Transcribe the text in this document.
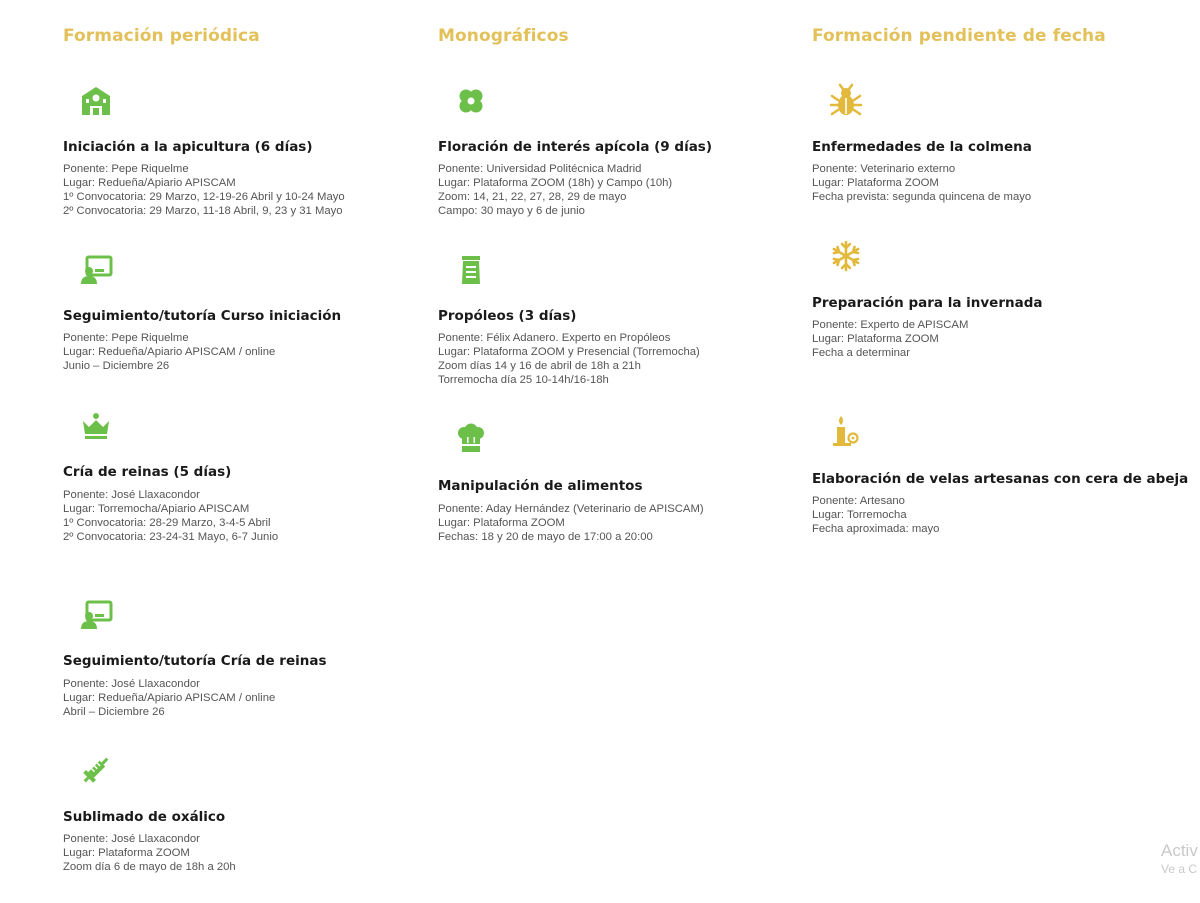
Formación periódica	Monográficos	Formación pendiente de fecha
Iniciación a la apicultura (6 días)
Ponente: Pepe Riquelme
Lugar: Redueña/Apiario APISCAM
1º Convocatoria: 29 Marzo, 12-19-26 Abril y 10-24 Mayo
2º Convocatoria: 29 Marzo, 11-18 Abril, 9, 23 y 31 Mayo
Seguimiento/tutoría Curso iniciación
Ponente: Pepe Riquelme
Lugar: Redueña/Apiario APISCAM / online
Junio – Diciembre 26
Cría de reinas (5 días)
Ponente: José Llaxacondor
Lugar: Torremocha/Apiario APISCAM
1º Convocatoria: 28-29 Marzo, 3-4-5 Abril
2º Convocatoria: 23-24-31 Mayo, 6-7 Junio
Seguimiento/tutoría Cría de reinas
Ponente: José Llaxacondor
Lugar: Redueña/Apiario APISCAM / online
Abril – Diciembre 26
Sublimado de oxálico
Ponente: José Llaxacondor
Lugar: Plataforma ZOOM
Zoom día 6 de mayo de 18h a 20h
Floración de interés apícola (9 días)
Ponente: Universidad Politécnica Madrid
Lugar: Plataforma ZOOM (18h) y Campo (10h)
Zoom: 14, 21, 22, 27, 28, 29 de mayo
Campo: 30 mayo y 6 de junio
Propóleos (3 días)
Ponente: Félix Adanero. Experto en Propóleos
Lugar: Plataforma ZOOM y Presencial (Torremocha)
Zoom días 14 y 16 de abril de 18h a 21h
Torremocha día 25 10-14h/16-18h
Manipulación de alimentos
Ponente: Aday Hernández (Veterinario de APISCAM)
Lugar: Plataforma ZOOM
Fechas: 18 y 20 de mayo de 17:00 a 20:00
Enfermedades de la colmena
Ponente: Veterinario externo
Lugar: Plataforma ZOOM
Fecha prevista: segunda quincena de mayo
Preparación para la invernada
Ponente: Experto de APISCAM
Lugar: Plataforma ZOOM
Fecha a determinar
Elaboración de velas artesanas con cera de abeja
Ponente: Artesano
Lugar: Torremocha
Fecha aproximada: mayo
Activ
Ve a C
